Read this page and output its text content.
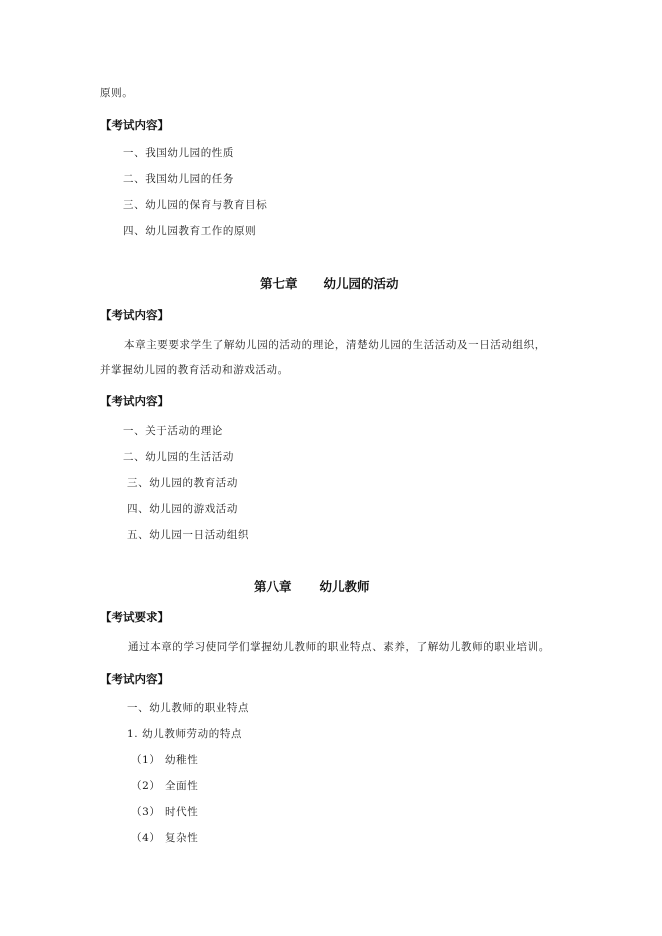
原则。
【考试内容】
一、我国幼儿园的性质
二、我国幼儿园的任务
三、幼儿园的保育与教育目标
四、幼儿园教育工作的原则
第七章 幼儿园的活动
【考试内容】
本章主要要求学生了解幼儿园的活动的理论，清楚幼儿园的生活活动及一日活动组织，
并掌握幼儿园的教育活动和游戏活动。
【考试内容】
一、关于活动的理论
二、幼儿园的生活活动
三、幼儿园的教育活动
四、幼儿园的游戏活动
五、幼儿园一日活动组织
第八章 幼儿教师
【考试要求】
通过本章的学习使同学们掌握幼儿教师的职业特点、素养，了解幼儿教师的职业培训。
【考试内容】
一、幼儿教师的职业特点
1. 幼儿教师劳动的特点
（1） 幼稚性
（2） 全面性
（3） 时代性
（4） 复杂性
